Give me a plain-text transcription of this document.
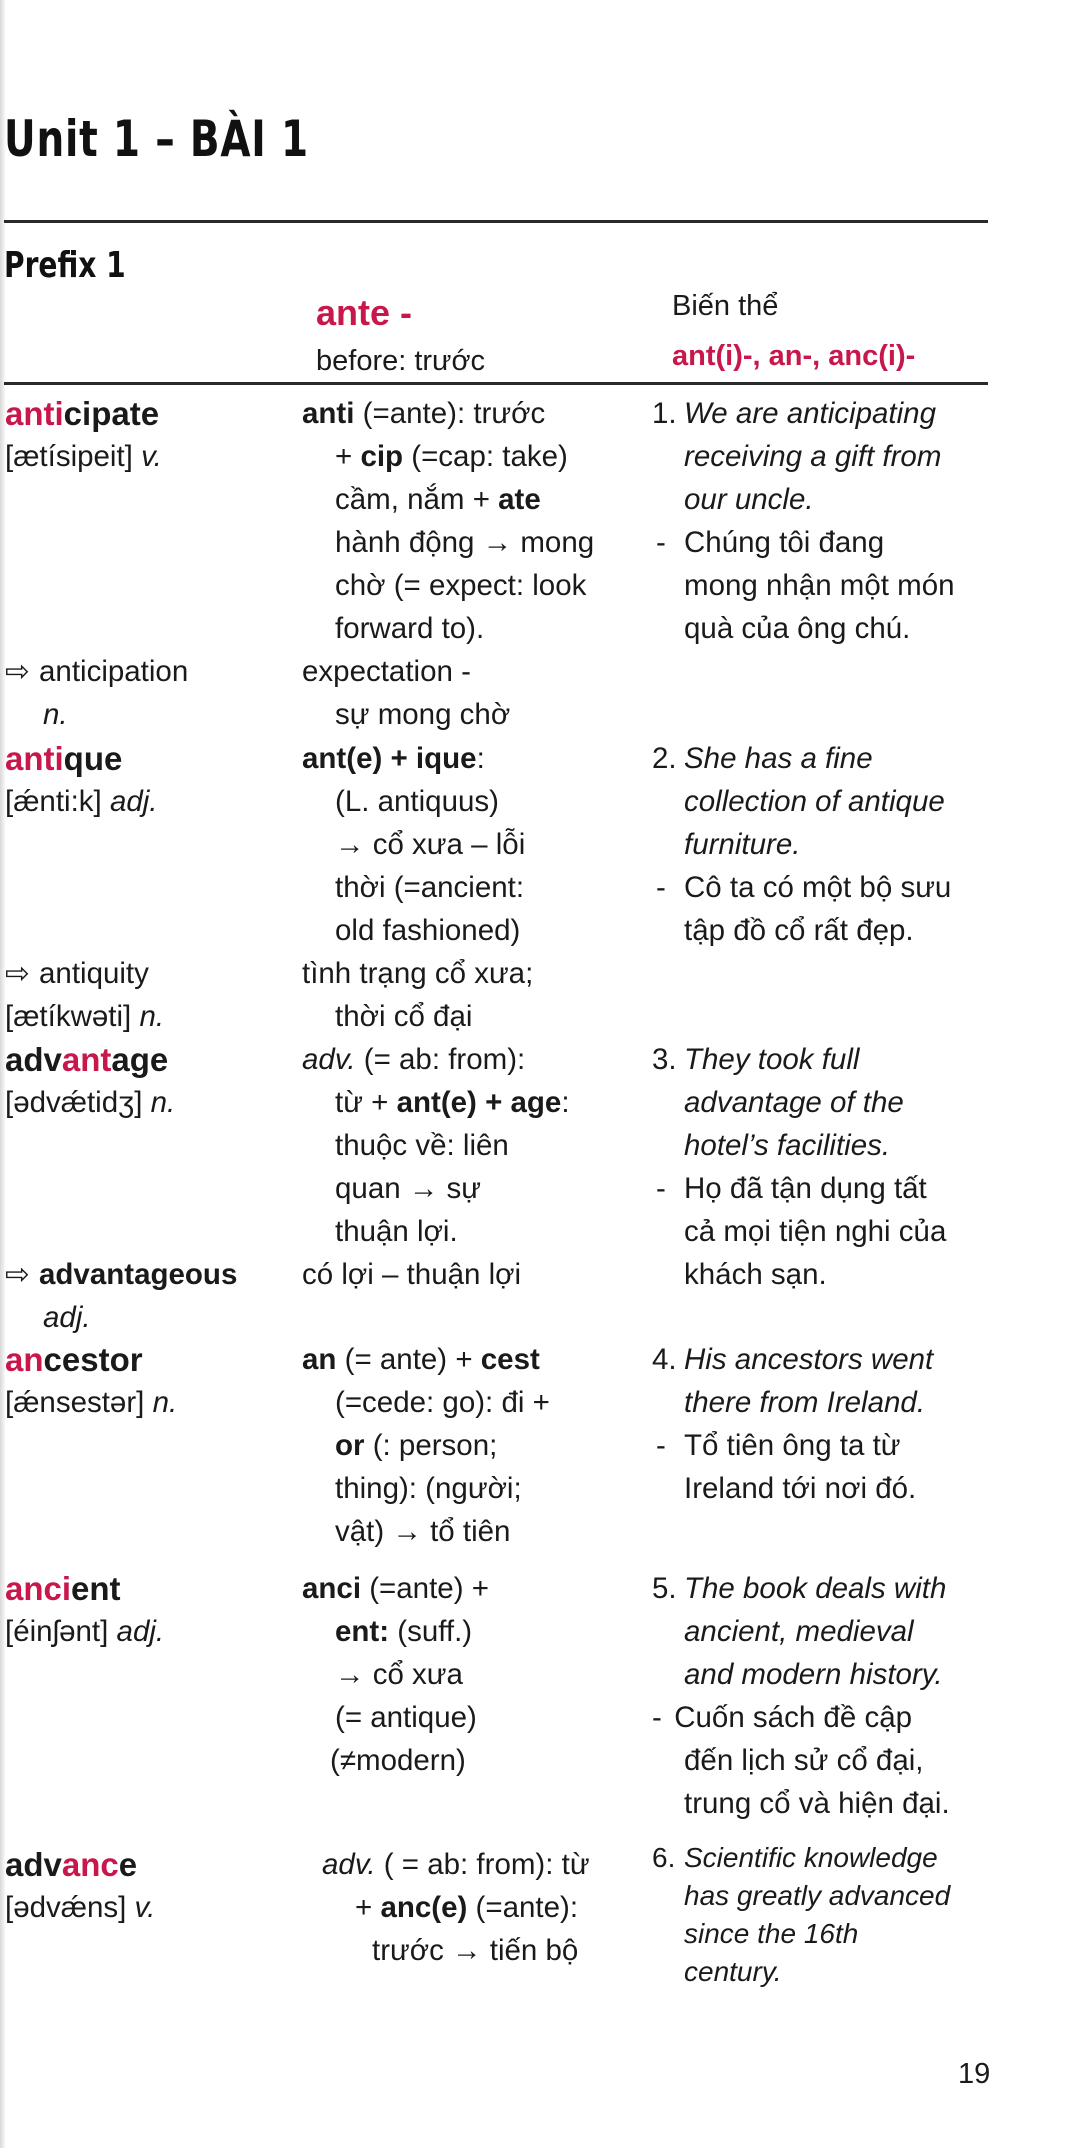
Unit 1 – BÀI 1
Prefix 1
ante -
before: trước
Biến thể
ant(i)-, an-, anc(i)-
anticipate
[ætísipeit] v.
⇨ anticipation
n.
anti (=ante): trước
+ cip (=cap: take)
cầm, nắm + ate
hành động → mong
chờ (= expect: look
forward to).
expectation -
sự mong chờ
1. We are anticipating
receiving a gift from
our uncle.
- Chúng tôi đang
mong nhận một món
quà của ông chú.
antique
[ǽnti:k] adj.
⇨ antiquity
[ætíkwəti] n.
ant(e) + ique:
(L. antiquus)
→ cổ xưa – lỗi
thời (=ancient:
old fashioned)
tình trạng cổ xưa;
thời cổ đại
2. She has a fine
collection of antique
furniture.
- Cô ta có một bộ sưu
tập đồ cổ rất đẹp.
advantage
[ədvǽtidʒ] n.
⇨ advantageous
adj.
adv. (= ab: from):
từ + ant(e) + age:
thuộc về: liên
quan → sự
thuận lợi.
có lợi – thuận lợi
3. They took full
advantage of the
hotel’s facilities.
- Họ đã tận dụng tất
cả mọi tiện nghi của
khách sạn.
ancestor
[ǽnsestər] n.
an (= ante) + cest
(=cede: go): đi +
or (: person;
thing): (người;
vật) → tổ tiên
4. His ancestors went
there from Ireland.
- Tổ tiên ông ta từ
Ireland tới nơi đó.
ancient
[éinʃənt] adj.
anci (=ante) +
ent: (suff.)
→ cổ xưa
(= antique)
(≠modern)
5. The book deals with
ancient, medieval
and modern history.
- Cuốn sách đề cập
đến lịch sử cổ đại,
trung cổ và hiện đại.
advance
[ədvǽns] v.
adv. ( = ab: from): từ
+ anc(e) (=ante):
trước → tiến bộ
6. Scientific knowledge
has greatly advanced
since the 16th
century.
19
